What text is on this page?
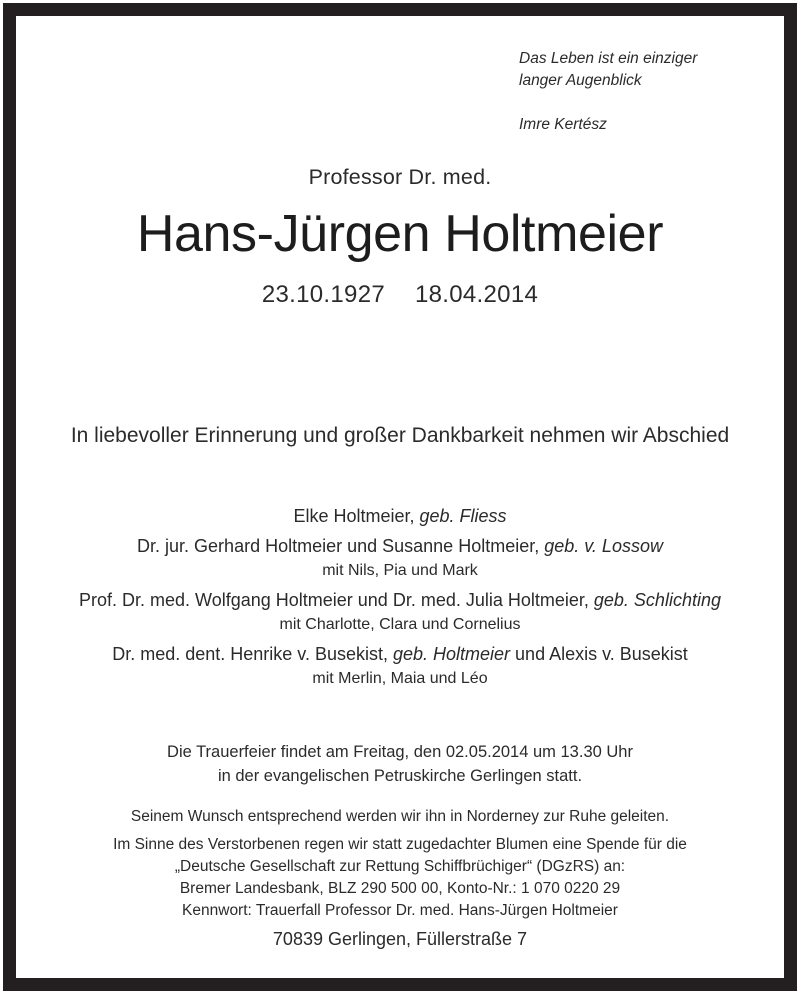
Das Leben ist ein einziger
langer Augenblick
Imre Kertész
Professor Dr. med.
Hans-Jürgen Holtmeier
23.10.1927 18.04.2014
In liebevoller Erinnerung und großer Dankbarkeit nehmen wir Abschied
Elke Holtmeier, geb. Fliess
Dr. jur. Gerhard Holtmeier und Susanne Holtmeier, geb. v. Lossow
mit Nils, Pia und Mark
Prof. Dr. med. Wolfgang Holtmeier und Dr. med. Julia Holtmeier, geb. Schlichting
mit Charlotte, Clara und Cornelius
Dr. med. dent. Henrike v. Busekist, geb. Holtmeier und Alexis v. Busekist
mit Merlin, Maia und Léo
Die Trauerfeier findet am Freitag, den 02.05.2014 um 13.30 Uhr
in der evangelischen Petruskirche Gerlingen statt.
Seinem Wunsch entsprechend werden wir ihn in Norderney zur Ruhe geleiten.
Im Sinne des Verstorbenen regen wir statt zugedachter Blumen eine Spende für die
„Deutsche Gesellschaft zur Rettung Schiffbrüchiger“ (DGzRS) an:
Bremer Landesbank, BLZ 290 500 00, Konto-Nr.: 1 070 0220 29
Kennwort: Trauerfall Professor Dr. med. Hans-Jürgen Holtmeier
70839 Gerlingen, Füllerstraße 7
